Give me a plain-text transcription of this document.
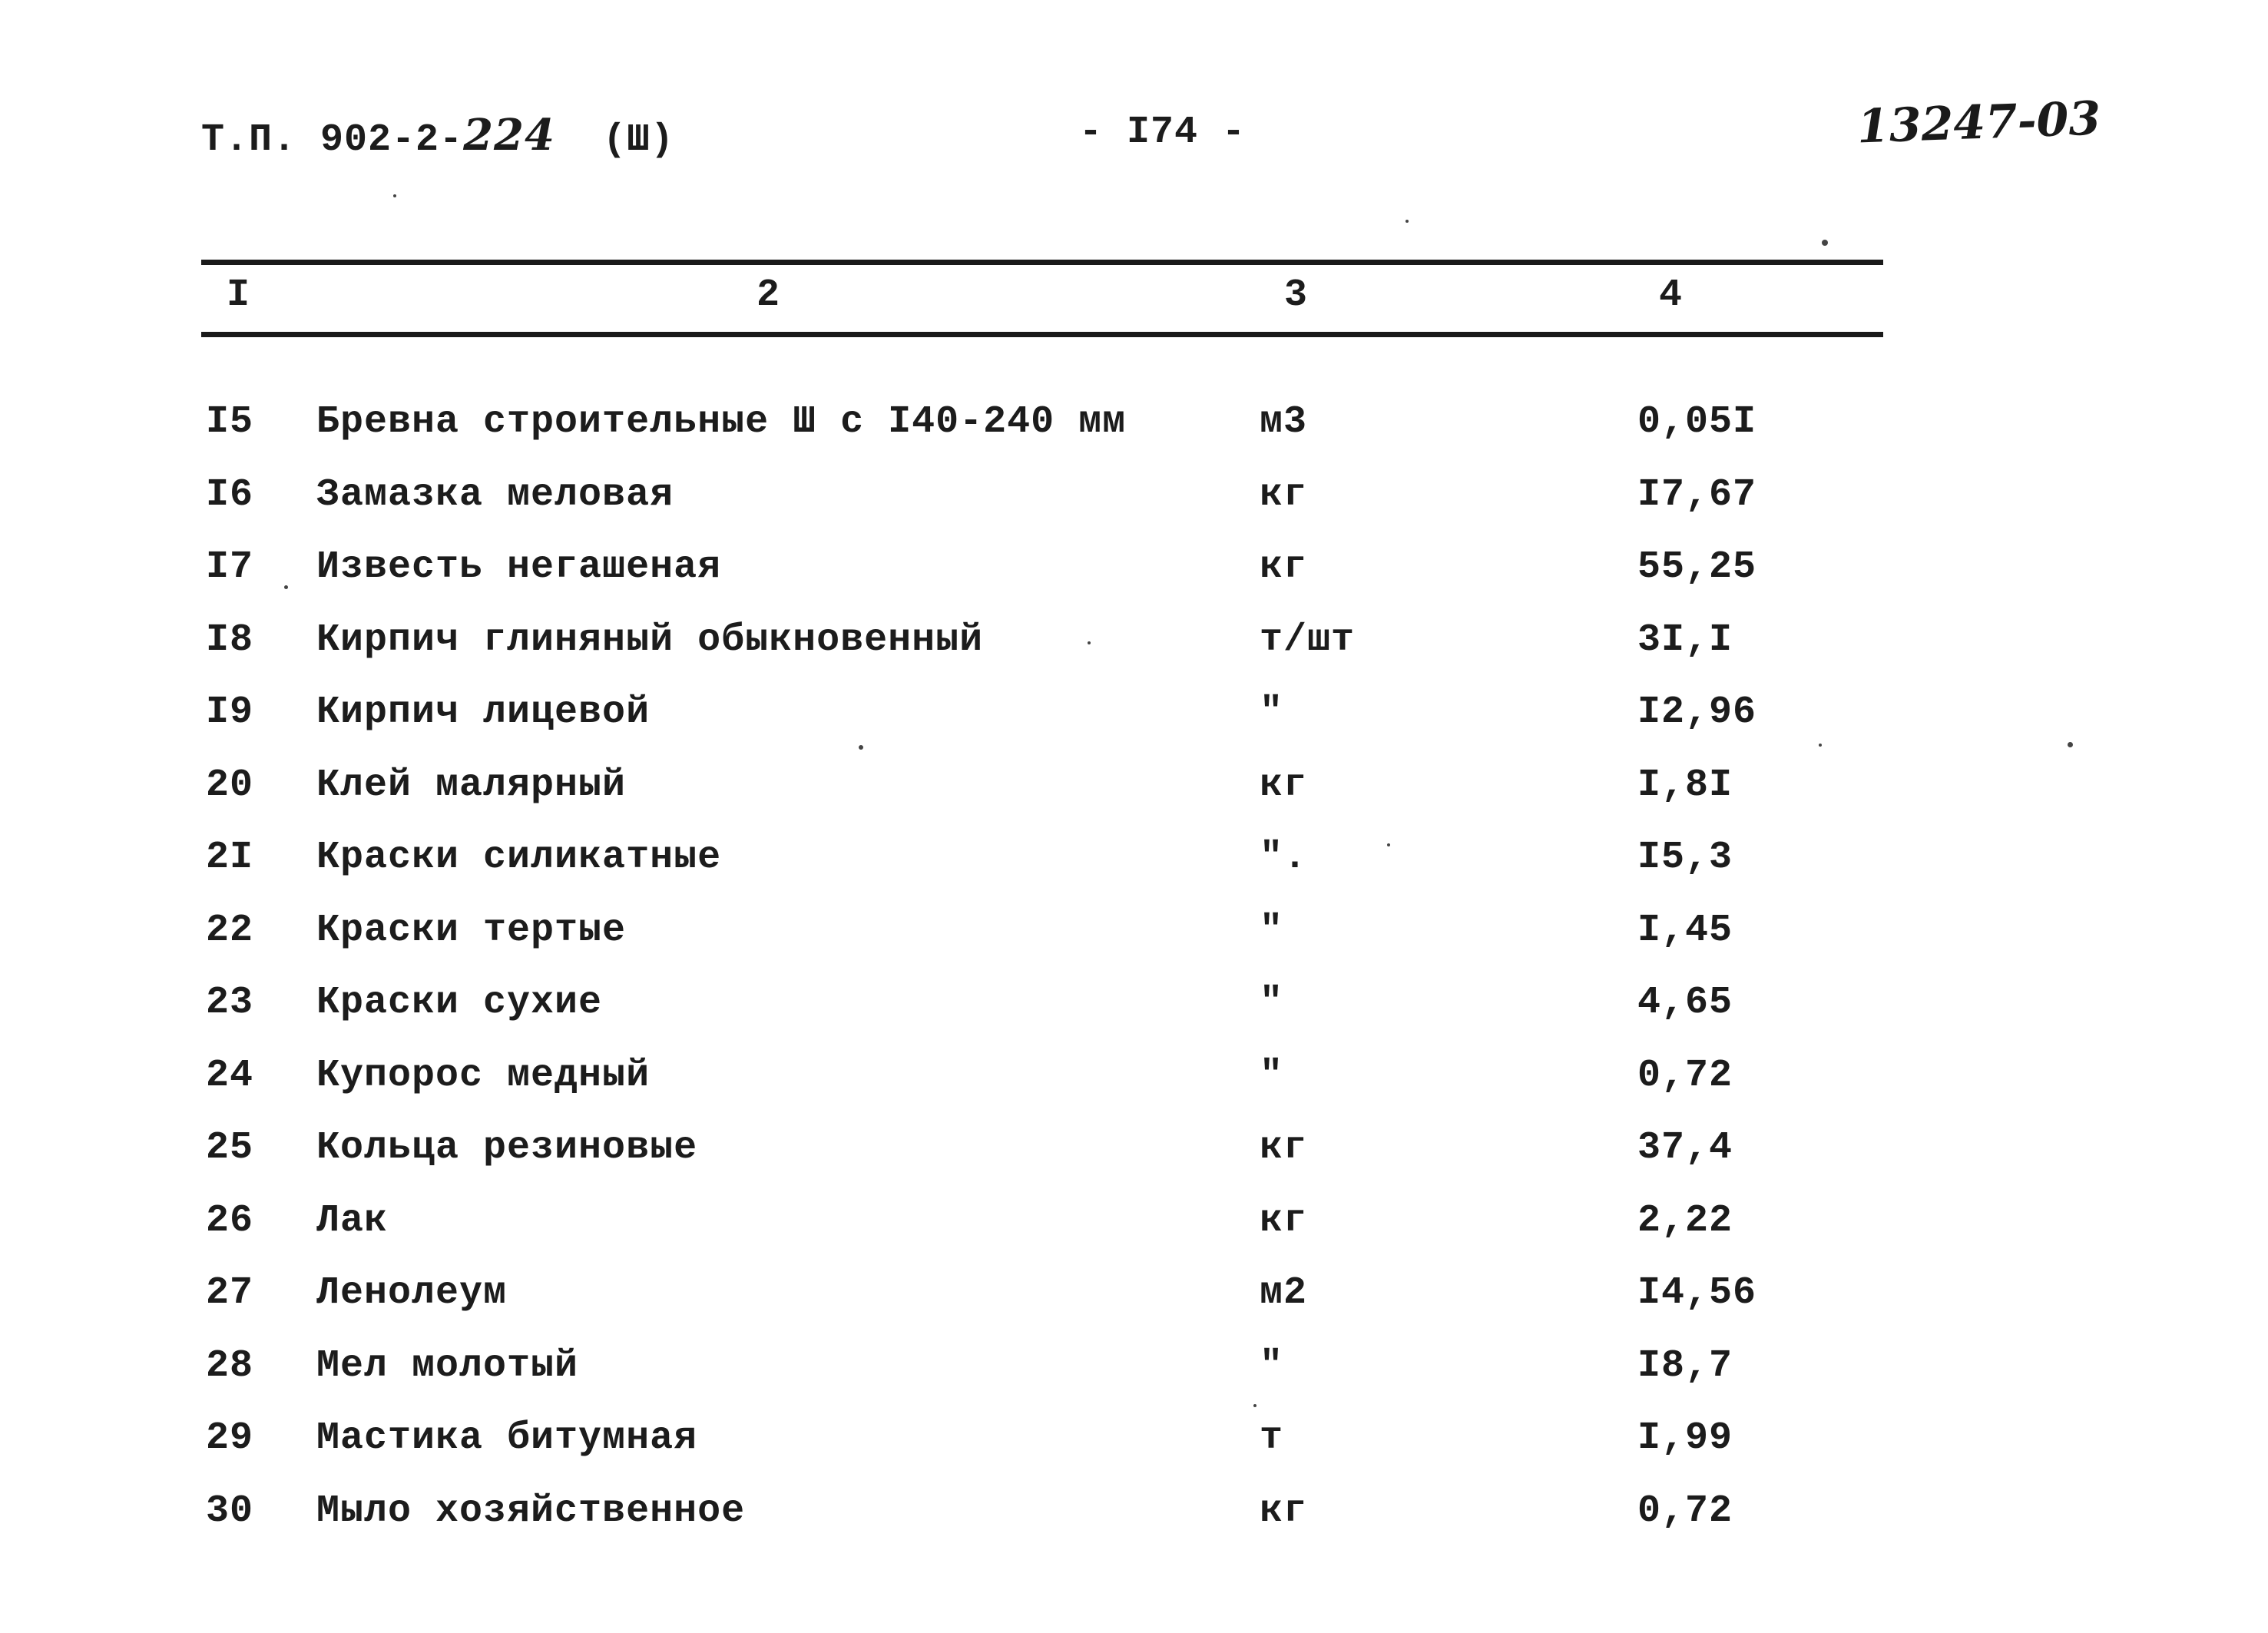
Т.П. 902-2-224 (Ш)	- I74 -	13247-03
I	2	3	4
I5 Бревна строительные Ш с I40-240 мм	м3	0,05I
I6 Замазка меловая	кг	I7,67
I7 Известь негашеная	кг	55,25
I8 Кирпич глиняный обыкновенный	т/шт	3I,I
I9 Кирпич лицевой	"	I2,96
20 Клей малярный	кг	I,8I
2I Краски силикатные	".	I5,3
22 Краски тертые	"	I,45
23 Краски сухие	"	4,65
24 Купорос медный	"	0,72
25 Кольца резиновые	кг	37,4
26 Лак	кг	2,22
27 Ленолеум	м2	I4,56
28 Мел молотый	"	I8,7
29 Мастика битумная	т	I,99
30 Мыло хозяйственное	кг	0,72
